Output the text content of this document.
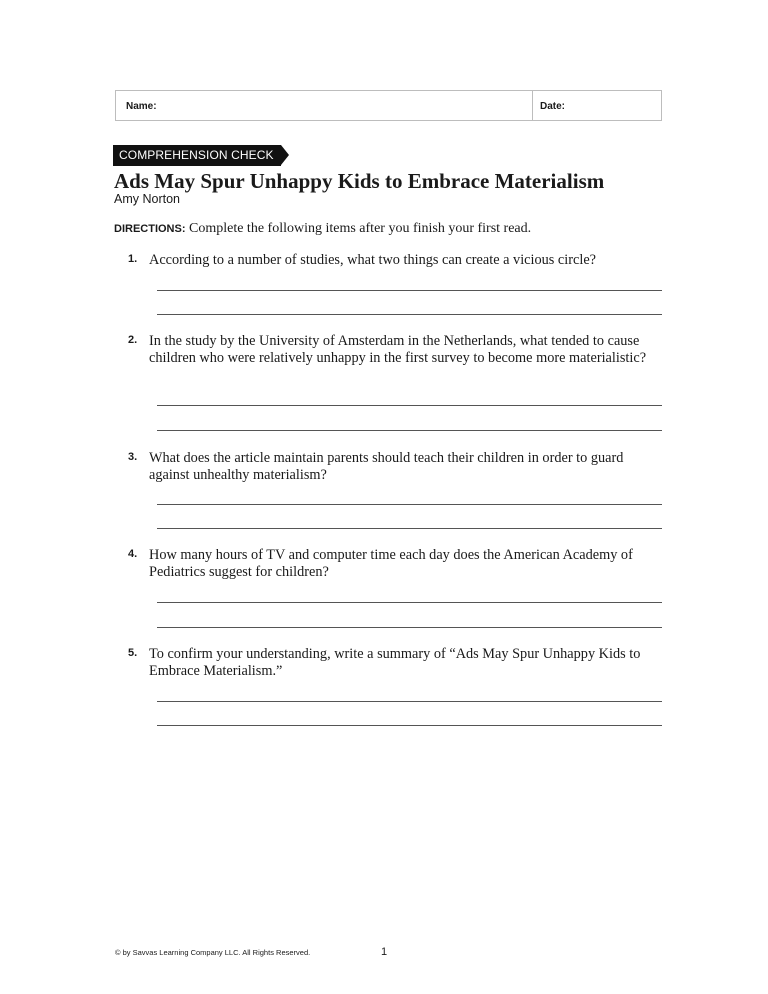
Name:	Date:
COMPREHENSION CHECK
Ads May Spur Unhappy Kids to Embrace Materialism
Amy Norton
DIRECTIONS: Complete the following items after you finish your first read.
1. According to a number of studies, what two things can create a vicious circle?
2. In the study by the University of Amsterdam in the Netherlands, what tended to cause children who were relatively unhappy in the first survey to become more materialistic?
3. What does the article maintain parents should teach their children in order to guard against unhealthy materialism?
4. How many hours of TV and computer time each day does the American Academy of Pediatrics suggest for children?
5. To confirm your understanding, write a summary of “Ads May Spur Unhappy Kids to Embrace Materialism.”
© by Savvas Learning Company LLC. All Rights Reserved.	1
